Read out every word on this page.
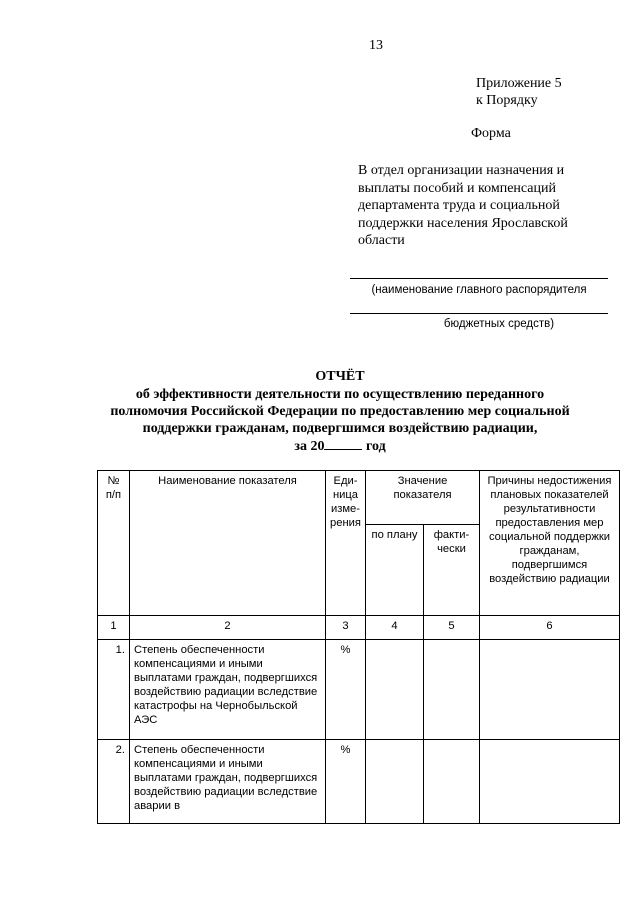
13
Приложение 5
к Порядку
Форма
В отдел организации назначения и выплаты пособий и компенсаций департамента труда и социальной поддержки населения Ярославской области
(наименование главного распорядителя
бюджетных средств)
ОТЧЁТ
об эффективности деятельности по осуществлению переданного
полномочия Российской Федерации по предоставлению мер социальной
поддержки гражданам, подвергшимся воздействию радиации,
за 20	год
№ п/п	Наименование показателя	Еди-ница изме-рения	Значение показателя		Причины недостижения плановых показателей результативности предоставления мер социальной поддержки гражданам, подвергшимся воздействию радиации
			по плану	факти-чески	
1	2	3	4	5	6
1.	Степень обеспеченности компенсациями и иными выплатами граждан, подвергшихся воздействию радиации вследствие катастрофы на Чернобыльской АЭС	%			
2.	Степень обеспеченности компенсациями и иными выплатами граждан, подвергшихся воздействию радиации вследствие аварии в	%			
